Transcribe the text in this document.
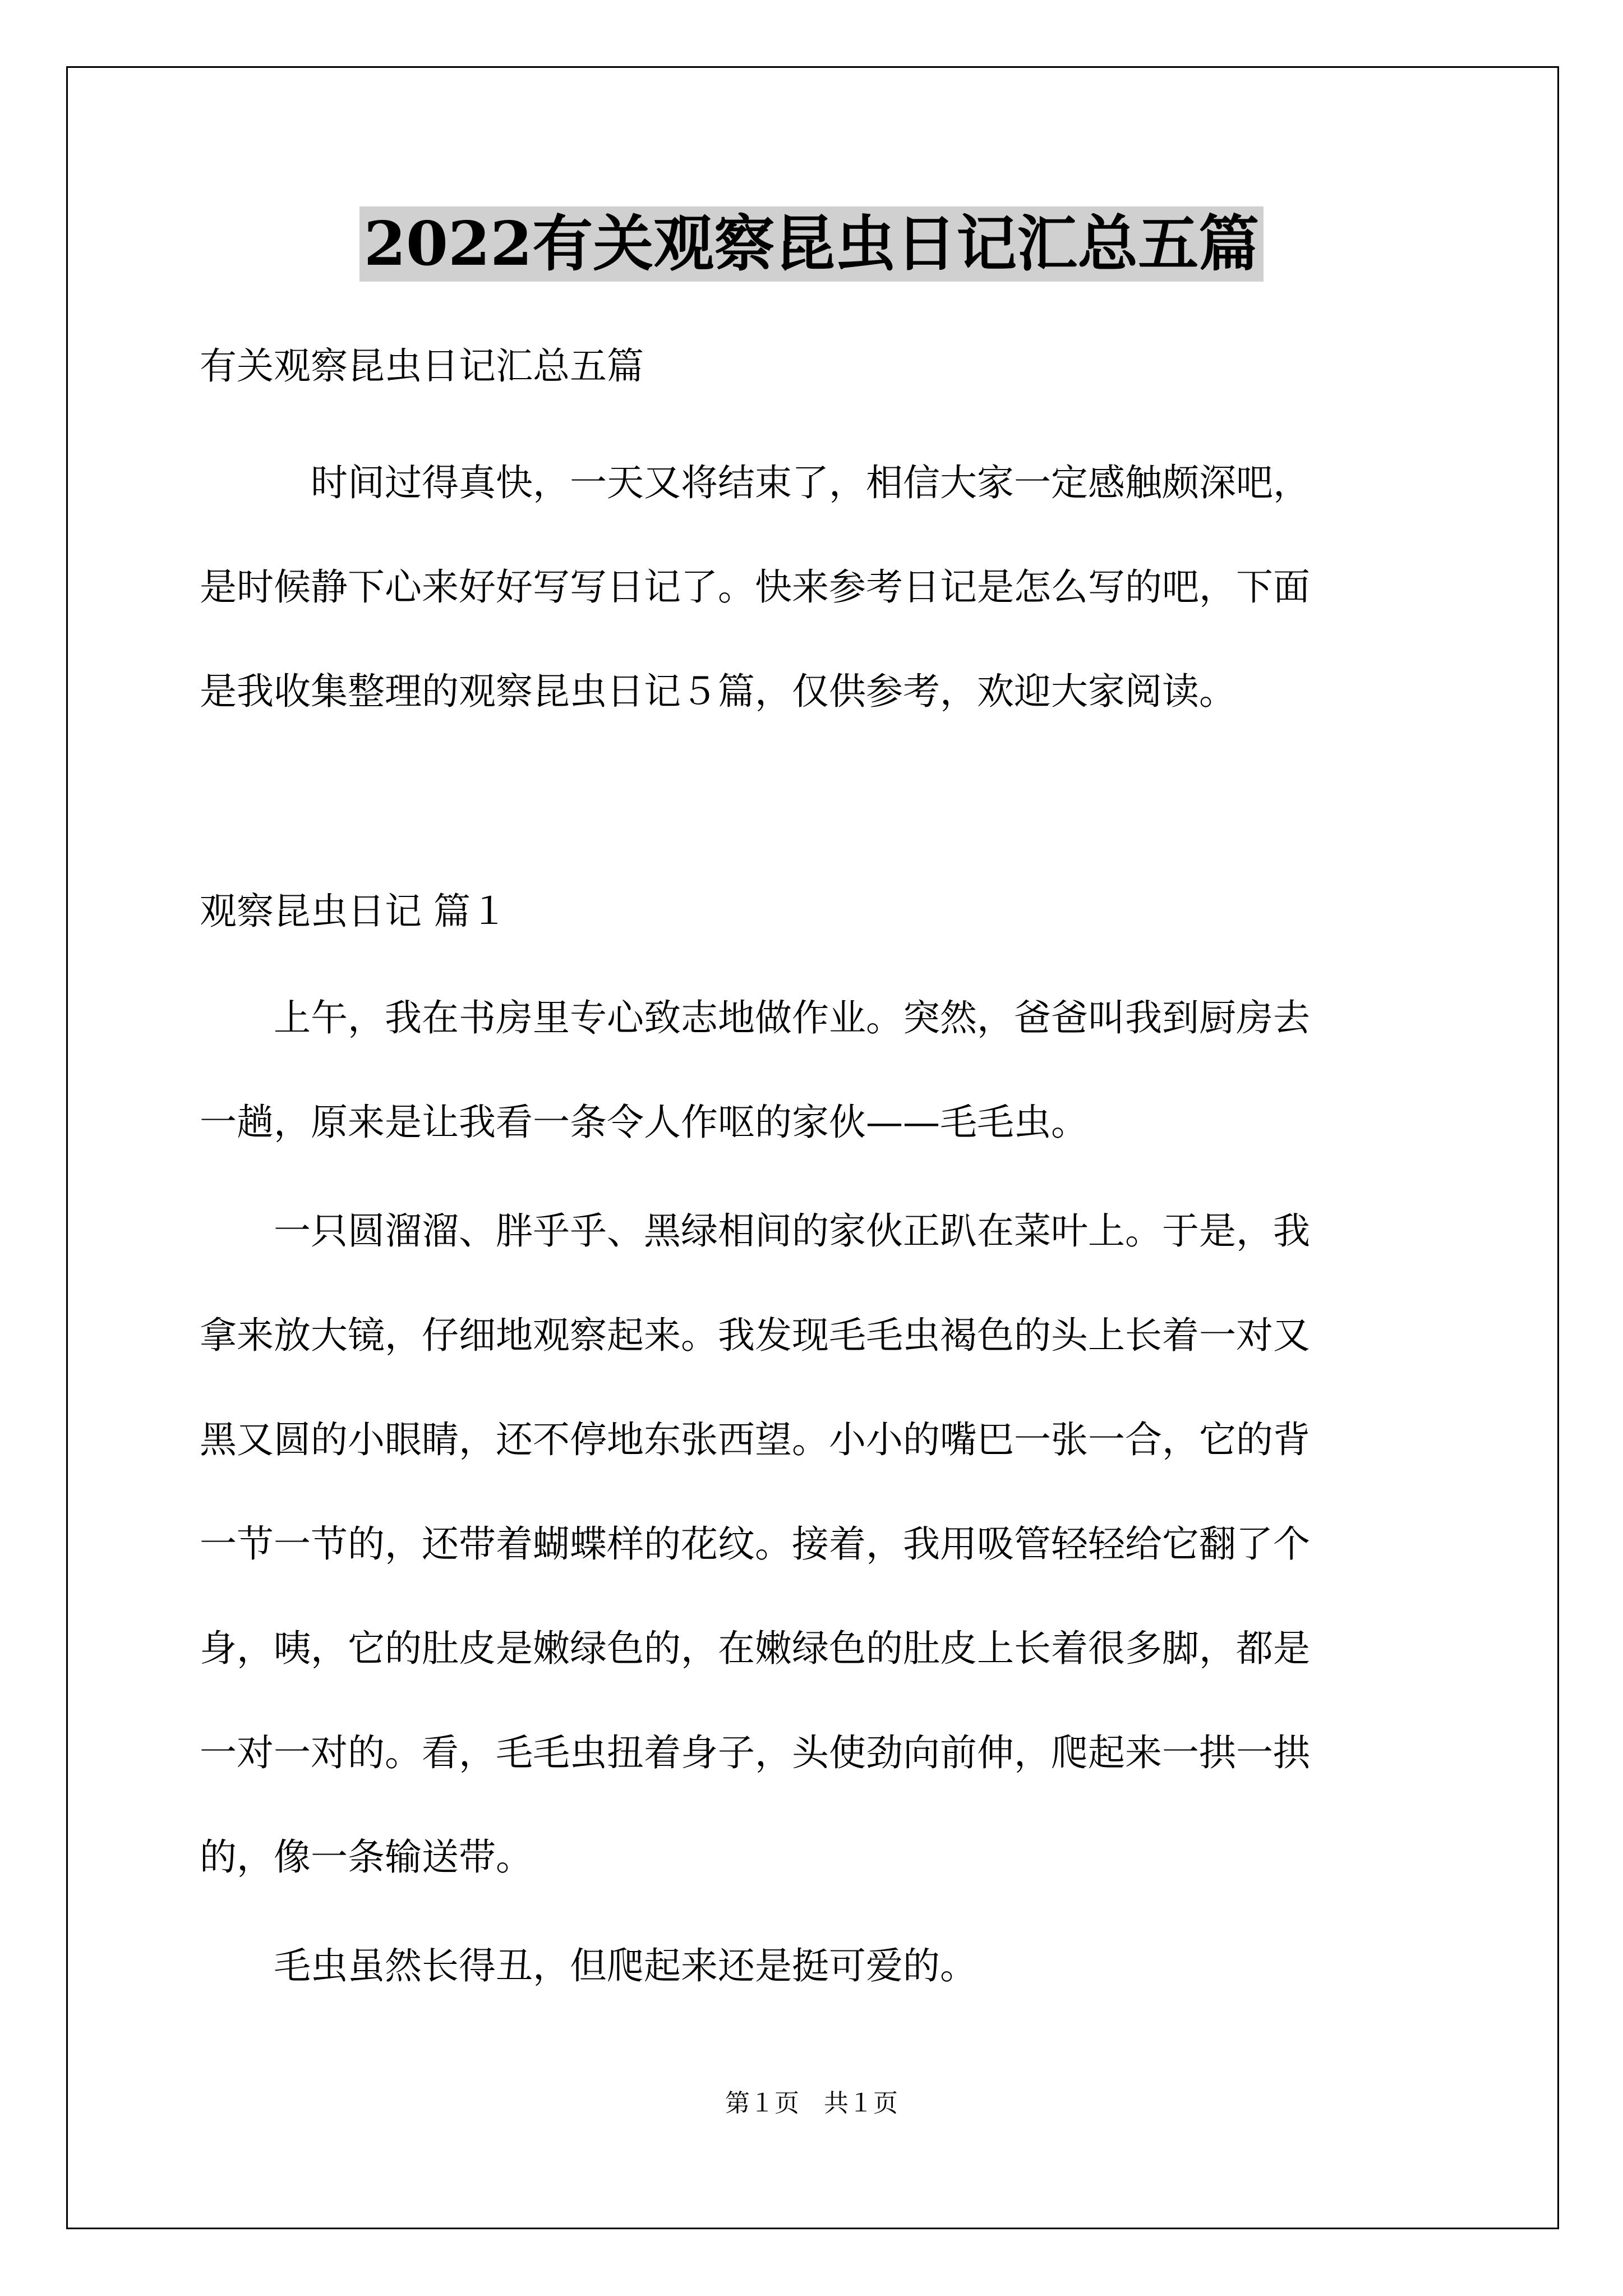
2022有关观察昆虫日记汇总五篇

有关观察昆虫日记汇总五篇

　　　时间过得真快，一天又将结束了，相信大家一定感触颇深吧，

是时候静下心来好好写写日记了。快来参考日记是怎么写的吧，下面

是我收集整理的观察昆虫日记５篇，仅供参考，欢迎大家阅读。

观察昆虫日记 篇１

　　上午，我在书房里专心致志地做作业。突然，爸爸叫我到厨房去

一趟，原来是让我看一条令人作呕的家伙——毛毛虫。

　　一只圆溜溜、胖乎乎、黑绿相间的家伙正趴在菜叶上。于是，我

拿来放大镜，仔细地观察起来。我发现毛毛虫褐色的头上长着一对又

黑又圆的小眼睛，还不停地东张西望。小小的嘴巴一张一合，它的背

一节一节的，还带着蝴蝶样的花纹。接着，我用吸管轻轻给它翻了个

身，咦，它的肚皮是嫩绿色的，在嫩绿色的肚皮上长着很多脚，都是

一对一对的。看，毛毛虫扭着身子，头使劲向前伸，爬起来一拱一拱

的，像一条输送带。

　　毛虫虽然长得丑，但爬起来还是挺可爱的。

第１页　共１页
